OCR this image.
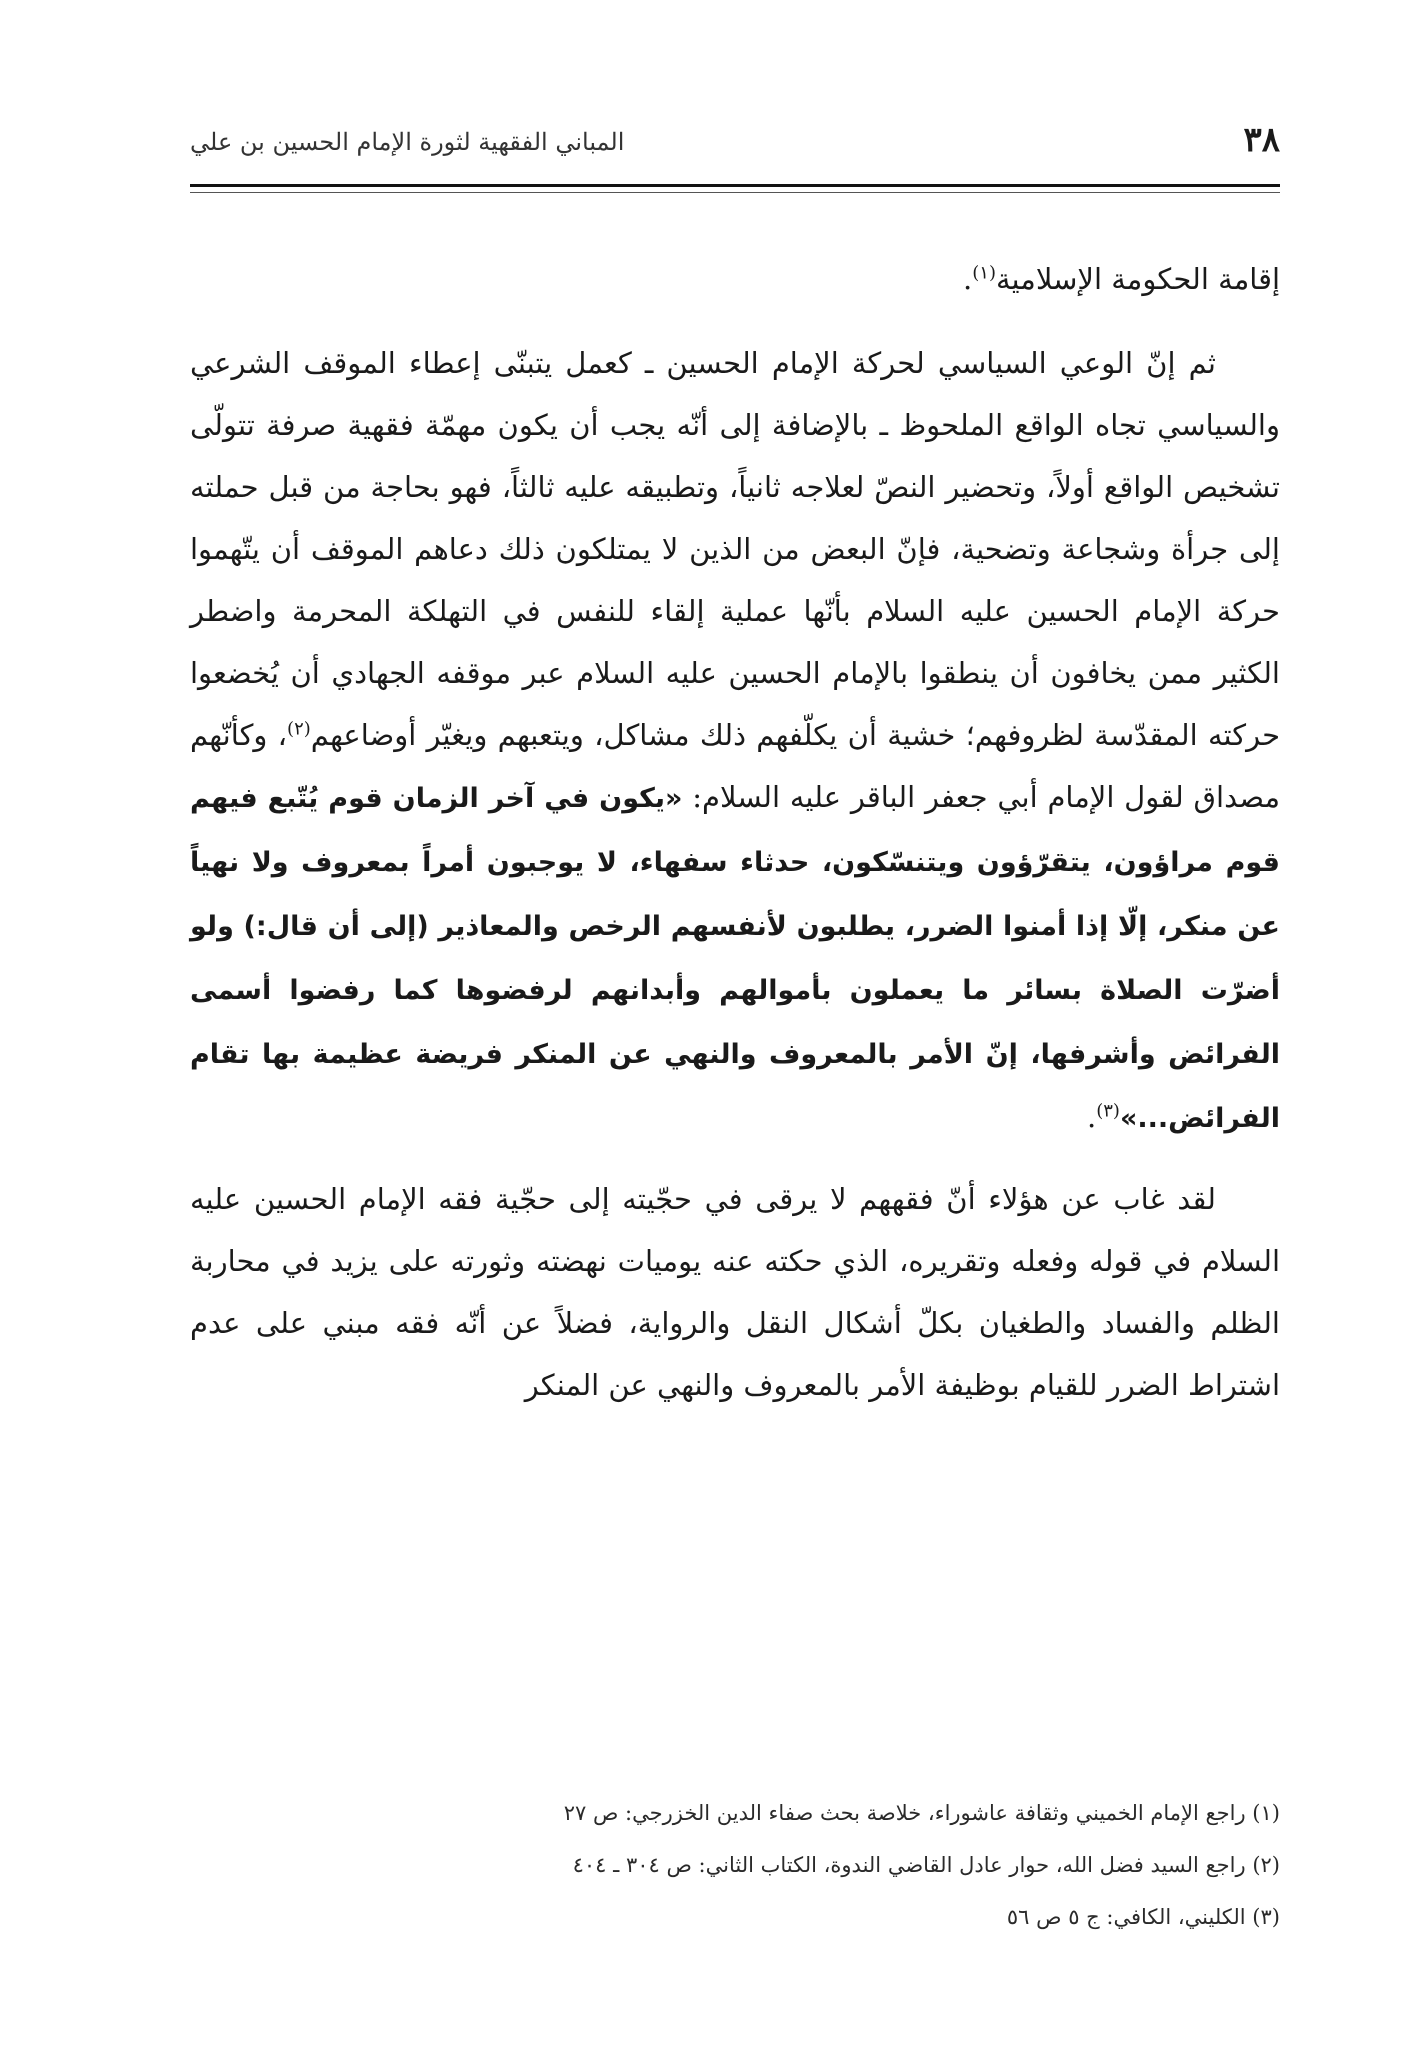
٣٨
المباني الفقهية لثورة الإمام الحسين بن علي

إقامة الحكومة الإسلامية$^{(١)}$.

ثم إنّ الوعي السياسي لحركة الإمام الحسين ـ كعمل يتبنّى إعطاء الموقف الشرعي والسياسي تجاه الواقع الملحوظ ـ بالإضافة إلى أنّه يجب أن يكون مهمّة فقهية صرفة تتولّى تشخيص الواقع أولاً، وتحضير النصّ لعلاجه ثانياً، وتطبيقه عليه ثالثاً، فهو بحاجة من قبل حملته إلى جرأة وشجاعة وتضحية، فإنّ البعض من الذين لا يمتلكون ذلك دعاهم الموقف أن يتّهموا حركة الإمام الحسين عليه السلام بأنّها عملية إلقاء للنفس في التهلكة المحرمة واضطر الكثير ممن يخافون أن ينطقوا بالإمام الحسين عليه السلام عبر موقفه الجهادي أن يُخضعوا حركته المقدّسة لظروفهم؛ خشية أن يكلّفهم ذلك مشاكل، ويتعبهم ويغيّر أوضاعهم$^{(٢)}$، وكأنّهم مصداق لقول الإمام أبي جعفر الباقر عليه السلام: «يكون في آخر الزمان قوم يُتّبع فيهم قوم مراؤون، يتقرّؤون ويتنسّكون، حدثاء سفهاء، لا يوجبون أمراً بمعروف ولا نهياً عن منكر، إلّا إذا أمنوا الضرر، يطلبون لأنفسهم الرخص والمعاذير (إلى أن قال:) ولو أضرّت الصلاة بسائر ما يعملون بأموالهم وأبدانهم لرفضوها كما رفضوا أسمى الفرائض وأشرفها، إنّ الأمر بالمعروف والنهي عن المنكر فريضة عظيمة بها تقام الفرائض...»$^{(٣)}$.

لقد غاب عن هؤلاء أنّ فقههم لا يرقى في حجّيته إلى حجّية فقه الإمام الحسين عليه السلام في قوله وفعله وتقريره، الذي حكته عنه يوميات نهضته وثورته على يزيد في محاربة الظلم والفساد والطغيان بكلّ أشكال النقل والرواية، فضلاً عن أنّه فقه مبني على عدم اشتراط الضرر للقيام بوظيفة الأمر بالمعروف والنهي عن المنكر

(١) راجع الإمام الخميني وثقافة عاشوراء، خلاصة بحث صفاء الدين الخزرجي: ص ٢٧
(٢) راجع السيد فضل الله، حوار عادل القاضي الندوة، الكتاب الثاني: ص ٣٠٤ ـ ٤٠٤
(٣) الكليني، الكافي: ج ٥ ص ٥٦
